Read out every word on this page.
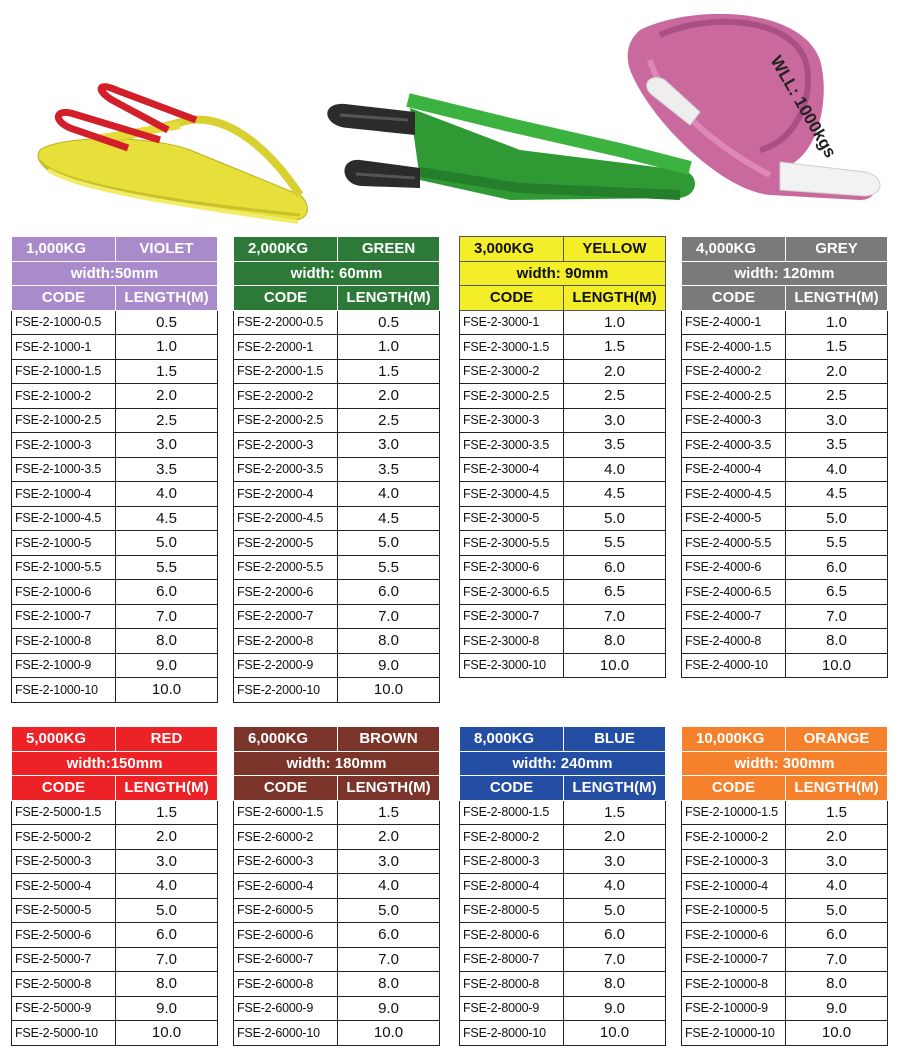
WLL: 1000kgs
1,000KG	VIOLET
width:50mm	
CODE	LENGTH(M)
FSE-2-1000-0.5	0.5
FSE-2-1000-1	1.0
FSE-2-1000-1.5	1.5
FSE-2-1000-2	2.0
FSE-2-1000-2.5	2.5
FSE-2-1000-3	3.0
FSE-2-1000-3.5	3.5
FSE-2-1000-4	4.0
FSE-2-1000-4.5	4.5
FSE-2-1000-5	5.0
FSE-2-1000-5.5	5.5
FSE-2-1000-6	6.0
FSE-2-1000-7	7.0
FSE-2-1000-8	8.0
FSE-2-1000-9	9.0
FSE-2-1000-10	10.0
2,000KG	GREEN
width: 60mm	
CODE	LENGTH(M)
FSE-2-2000-0.5	0.5
FSE-2-2000-1	1.0
FSE-2-2000-1.5	1.5
FSE-2-2000-2	2.0
FSE-2-2000-2.5	2.5
FSE-2-2000-3	3.0
FSE-2-2000-3.5	3.5
FSE-2-2000-4	4.0
FSE-2-2000-4.5	4.5
FSE-2-2000-5	5.0
FSE-2-2000-5.5	5.5
FSE-2-2000-6	6.0
FSE-2-2000-7	7.0
FSE-2-2000-8	8.0
FSE-2-2000-9	9.0
FSE-2-2000-10	10.0
3,000KG	YELLOW
width: 90mm	
CODE	LENGTH(M)
FSE-2-3000-1	1.0
FSE-2-3000-1.5	1.5
FSE-2-3000-2	2.0
FSE-2-3000-2.5	2.5
FSE-2-3000-3	3.0
FSE-2-3000-3.5	3.5
FSE-2-3000-4	4.0
FSE-2-3000-4.5	4.5
FSE-2-3000-5	5.0
FSE-2-3000-5.5	5.5
FSE-2-3000-6	6.0
FSE-2-3000-6.5	6.5
FSE-2-3000-7	7.0
FSE-2-3000-8	8.0
FSE-2-3000-10	10.0
4,000KG	GREY
width: 120mm	
CODE	LENGTH(M)
FSE-2-4000-1	1.0
FSE-2-4000-1.5	1.5
FSE-2-4000-2	2.0
FSE-2-4000-2.5	2.5
FSE-2-4000-3	3.0
FSE-2-4000-3.5	3.5
FSE-2-4000-4	4.0
FSE-2-4000-4.5	4.5
FSE-2-4000-5	5.0
FSE-2-4000-5.5	5.5
FSE-2-4000-6	6.0
FSE-2-4000-6.5	6.5
FSE-2-4000-7	7.0
FSE-2-4000-8	8.0
FSE-2-4000-10	10.0
5,000KG	RED
width:150mm	
CODE	LENGTH(M)
FSE-2-5000-1.5	1.5
FSE-2-5000-2	2.0
FSE-2-5000-3	3.0
FSE-2-5000-4	4.0
FSE-2-5000-5	5.0
FSE-2-5000-6	6.0
FSE-2-5000-7	7.0
FSE-2-5000-8	8.0
FSE-2-5000-9	9.0
FSE-2-5000-10	10.0
6,000KG	BROWN
width: 180mm	
CODE	LENGTH(M)
FSE-2-6000-1.5	1.5
FSE-2-6000-2	2.0
FSE-2-6000-3	3.0
FSE-2-6000-4	4.0
FSE-2-6000-5	5.0
FSE-2-6000-6	6.0
FSE-2-6000-7	7.0
FSE-2-6000-8	8.0
FSE-2-6000-9	9.0
FSE-2-6000-10	10.0
8,000KG	BLUE
width: 240mm	
CODE	LENGTH(M)
FSE-2-8000-1.5	1.5
FSE-2-8000-2	2.0
FSE-2-8000-3	3.0
FSE-2-8000-4	4.0
FSE-2-8000-5	5.0
FSE-2-8000-6	6.0
FSE-2-8000-7	7.0
FSE-2-8000-8	8.0
FSE-2-8000-9	9.0
FSE-2-8000-10	10.0
10,000KG	ORANGE
width: 300mm	
CODE	LENGTH(M)
FSE-2-10000-1.5	1.5
FSE-2-10000-2	2.0
FSE-2-10000-3	3.0
FSE-2-10000-4	4.0
FSE-2-10000-5	5.0
FSE-2-10000-6	6.0
FSE-2-10000-7	7.0
FSE-2-10000-8	8.0
FSE-2-10000-9	9.0
FSE-2-10000-10	10.0
